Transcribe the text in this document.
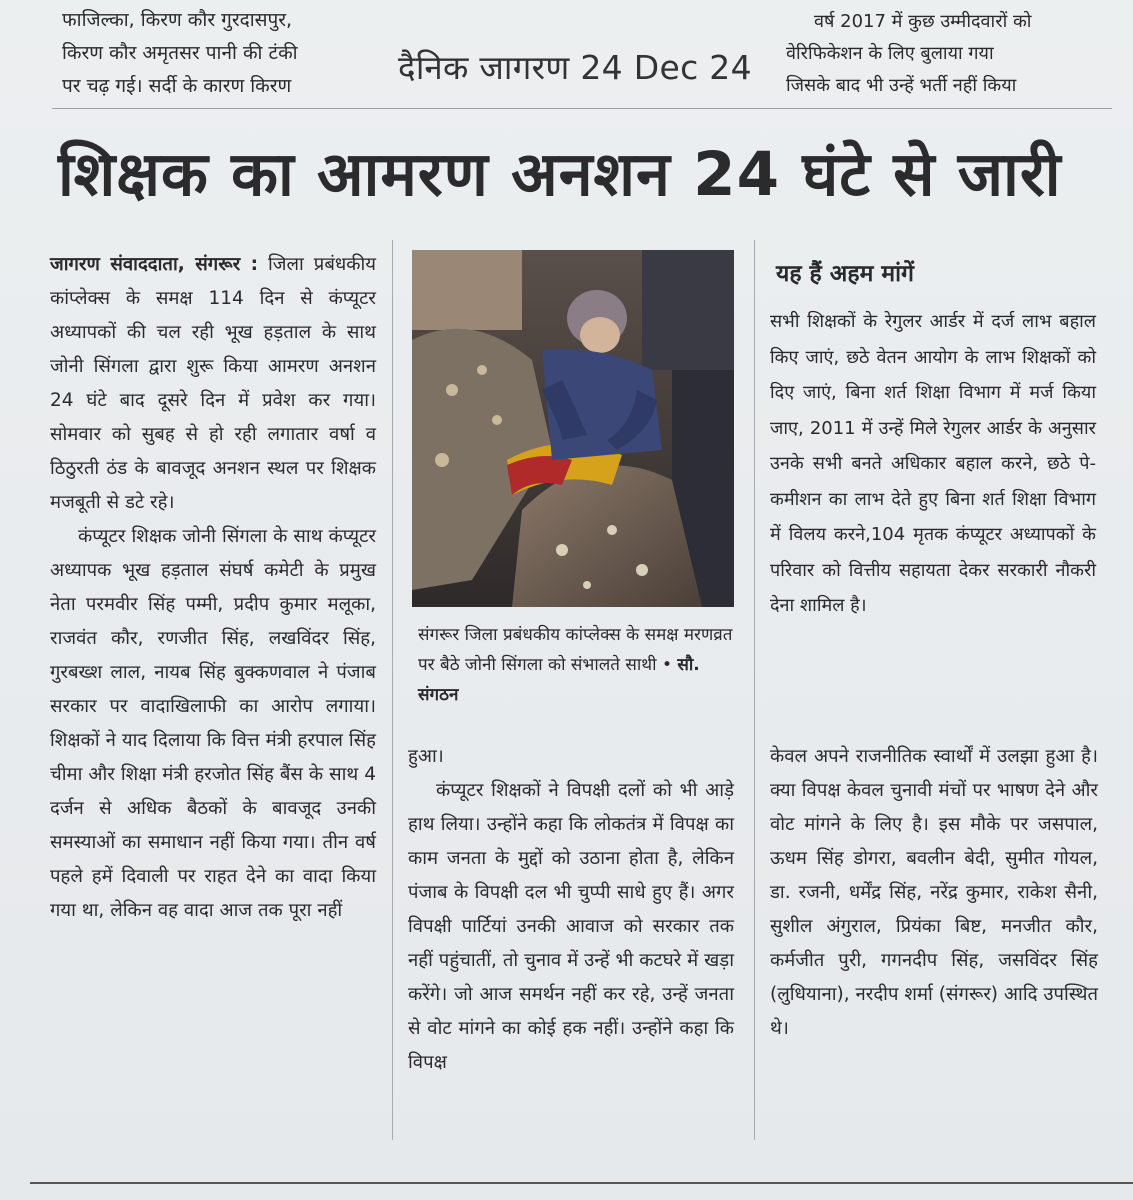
फाजिल्का, किरण कौर गुरदासपुर,
किरण कौर अमृतसर पानी की टंकी
पर चढ़ गई। सर्दी के कारण किरण	दैनिक जागरण 24 Dec 24
वर्ष 2017 में कुछ उम्मीदवारों को
वेरिफिकेशन के लिए बुलाया गया
जिसके बाद भी उन्हें भर्ती नहीं किया
शिक्षक का आमरण अनशन 24 घंटे से जारी

जागरण संवाददाता, संगरूर : जिला प्रबंधकीय कांप्लेक्स के समक्ष 114 दिन से कंप्यूटर अध्यापकों की चल रही भूख हड़ताल के साथ जोनी सिंगला द्वारा शुरू किया आमरण अनशन 24 घंटे बाद दूसरे दिन में प्रवेश कर गया। सोमवार को सुबह से हो रही लगातार वर्षा व ठिठुरती ठंड के बावजूद अनशन स्थल पर शिक्षक मजबूती से डटे रहे।

कंप्यूटर शिक्षक जोनी सिंगला के साथ कंप्यूटर अध्यापक भूख हड़ताल संघर्ष कमेटी के प्रमुख नेता परमवीर सिंह पम्मी, प्रदीप कुमार मलूका, राजवंत कौर, रणजीत सिंह, लखविंदर सिंह, गुरबख्श लाल, नायब सिंह बुक्कणवाल ने पंजाब सरकार पर वादाखिलाफी का आरोप लगाया। शिक्षकों ने याद दिलाया कि वित्त मंत्री हरपाल सिंह चीमा और शिक्षा मंत्री हरजोत सिंह बैंस के साथ 4 दर्जन से अधिक बैठकों के बावजूद उनकी समस्याओं का समाधान नहीं किया गया। तीन वर्ष पहले हमें दिवाली पर राहत देने का वादा किया गया था, लेकिन वह वादा आज तक पूरा नहीं

संगरूर जिला प्रबंधकीय कांप्लेक्स के समक्ष मरणव्रत पर बैठे जोनी सिंगला को संभालते साथी • सौ. संगठन

हुआ।

कंप्यूटर शिक्षकों ने विपक्षी दलों को भी आड़े हाथ लिया। उन्होंने कहा कि लोकतंत्र में विपक्ष का काम जनता के मुद्दों को उठाना होता है, लेकिन पंजाब के विपक्षी दल भी चुप्पी साधे हुए हैं। अगर विपक्षी पार्टियां उनकी आवाज को सरकार तक नहीं पहुंचातीं, तो चुनाव में उन्हें भी कटघरे में खड़ा करेंगे। जो आज समर्थन नहीं कर रहे, उन्हें जनता से वोट मांगने का कोई हक नहीं। उन्होंने कहा कि विपक्ष

यह हैं अहम मांगें
सभी शिक्षकों के रेगुलर आर्डर में दर्ज लाभ बहाल किए जाएं, छठे वेतन आयोग के लाभ शिक्षकों को दिए जाएं, बिना शर्त शिक्षा विभाग में मर्ज किया जाए, 2011 में उन्हें मिले रेगुलर आर्डर के अनुसार उनके सभी बनते अधिकार बहाल करने, छठे पे-कमीशन का लाभ देते हुए बिना शर्त शिक्षा विभाग में विलय करने,104 मृतक कंप्यूटर अध्यापकों के परिवार को वित्तीय सहायता देकर सरकारी नौकरी देना शामिल है।

केवल अपने राजनीतिक स्वार्थों में उलझा हुआ है। क्या विपक्ष केवल चुनावी मंचों पर भाषण देने और वोट मांगने के लिए है। इस मौके पर जसपाल, ऊधम सिंह डोगरा, बवलीन बेदी, सुमीत गोयल, डा. रजनी, धर्मेंद्र सिंह, नरेंद्र कुमार, राकेश सैनी, सुशील अंगुराल, प्रियंका बिष्ट, मनजीत कौर, कर्मजीत पुरी, गगनदीप सिंह, जसविंदर सिंह (लुधियाना), नरदीप शर्मा (संगरूर) आदि उपस्थित थे।
